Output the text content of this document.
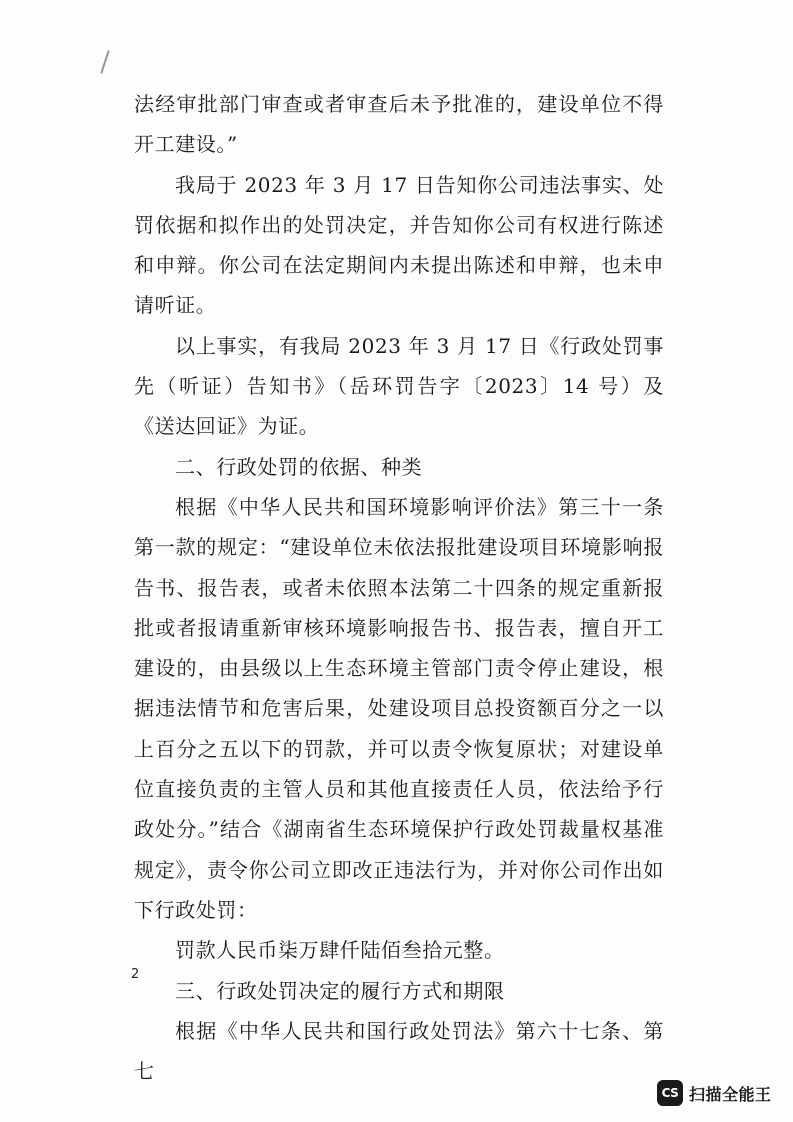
法经审批部门审查或者审查后未予批准的，建设单位不得开工建设。”

我局于 2023 年 3 月 17 日告知你公司违法事实、处罚依据和拟作出的处罚决定，并告知你公司有权进行陈述和申辩。你公司在法定期间内未提出陈述和申辩，也未申请听证。

以上事实，有我局 2023 年 3 月 17 日《行政处罚事先（听证）告知书》（岳环罚告字〔2023〕14 号）及《送达回证》为证。

二、行政处罚的依据、种类

根据《中华人民共和国环境影响评价法》第三十一条第一款的规定：“建设单位未依法报批建设项目环境影响报告书、报告表，或者未依照本法第二十四条的规定重新报批或者报请重新审核环境影响报告书、报告表，擅自开工建设的，由县级以上生态环境主管部门责令停止建设，根据违法情节和危害后果，处建设项目总投资额百分之一以上百分之五以下的罚款，并可以责令恢复原状；对建设单位直接负责的主管人员和其他直接责任人员，依法给予行政处分。”结合《湖南省生态环境保护行政处罚裁量权基准规定》，责令你公司立即改正违法行为，并对你公司作出如下行政处罚：

罚款人民币柒万肆仟陆佰叁拾元整。

三、行政处罚决定的履行方式和期限

根据《中华人民共和国行政处罚法》第六十七条、第七

2
CS 扫描全能王
